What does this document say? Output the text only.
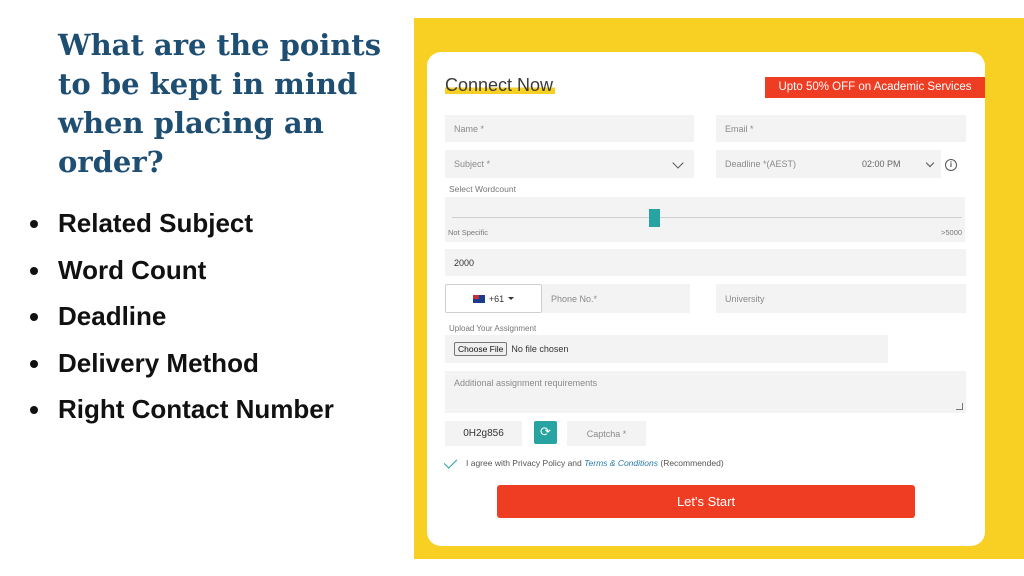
What are the points to be kept in mind when placing an order?
Related Subject
Word Count
Deadline
Delivery Method
Right Contact Number
Connect Now	Upto 50% OFF on Academic Services
Name *	Email *
Subject *	Deadline *(AEST)	02:00 PM	i
Select Wordcount
Not Specific	>5000
2000
+61	Phone No.*	University
Upload Your Assignment
Choose File No file chosen
Additional assignment requirements
0H2g856	⟳	Captcha *
I agree with Privacy Policy and Terms & Conditions (Recommended)
Let's Start
